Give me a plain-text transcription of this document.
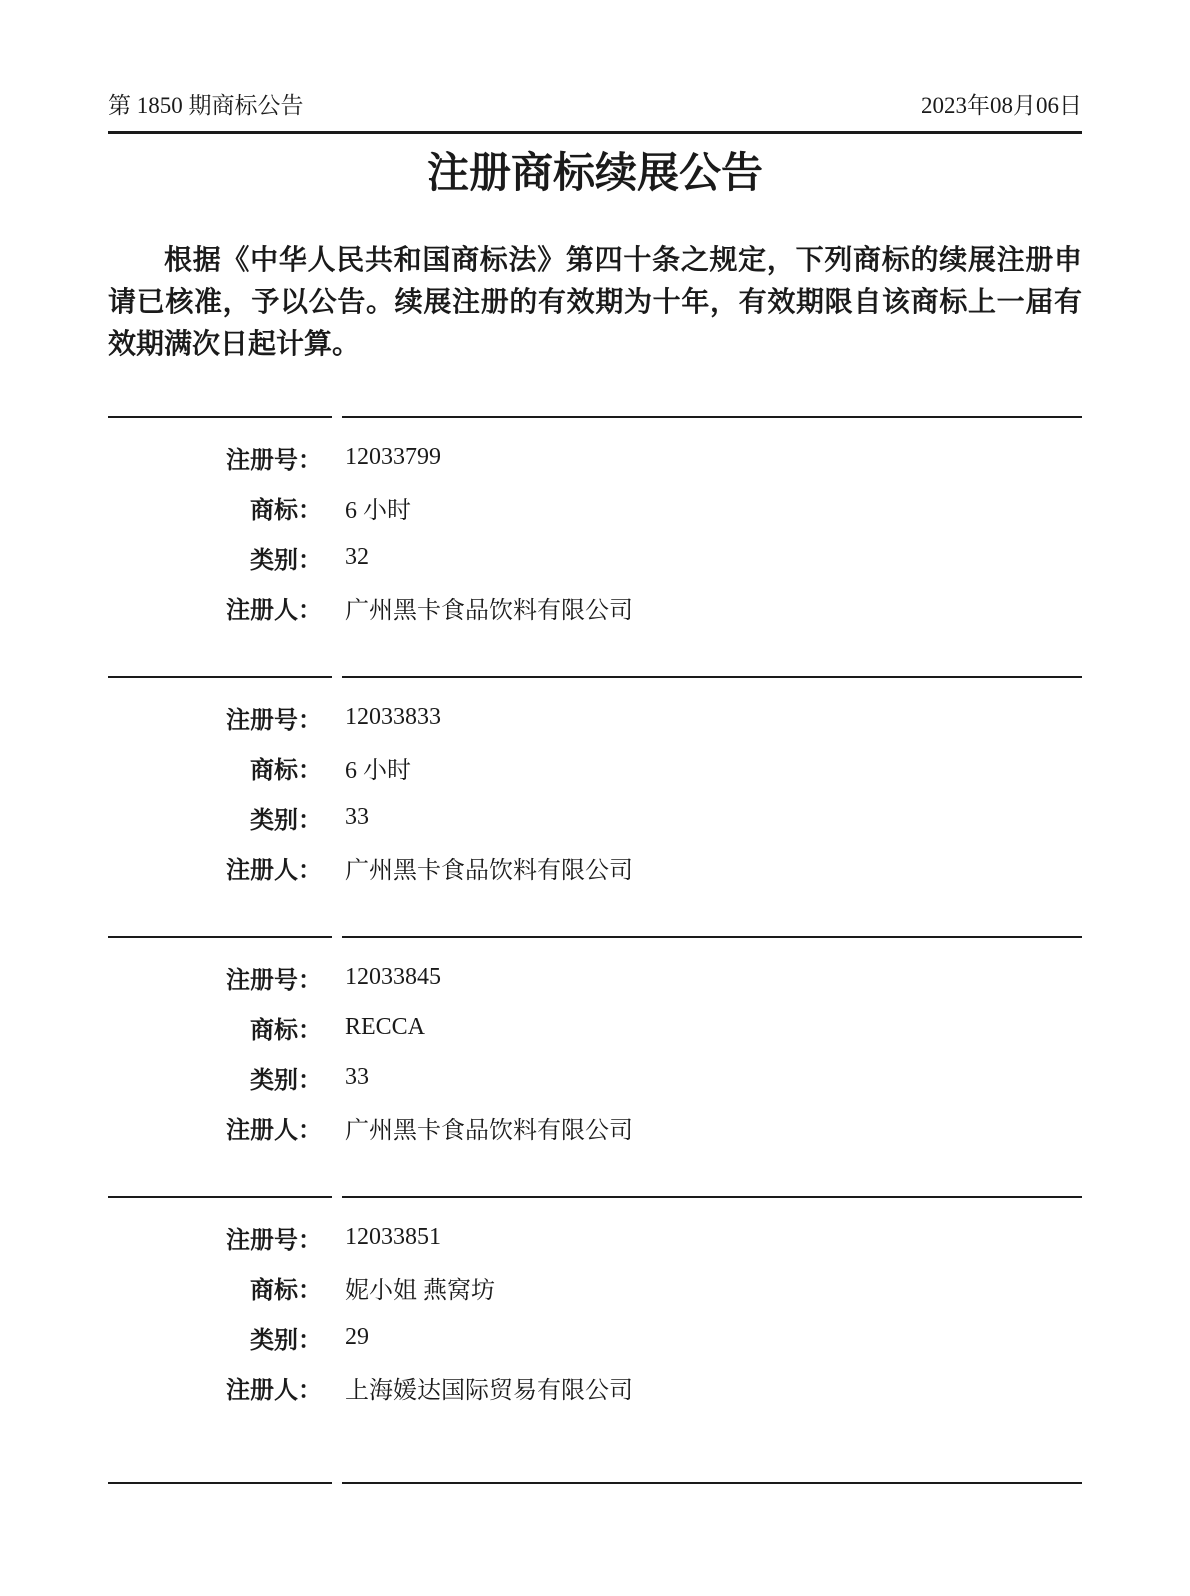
第 1850 期商标公告	2023年08月06日
注册商标续展公告

根据《中华人民共和国商标法》第四十条之规定，下列商标的续展注册申请已核准，予以公告。续展注册的有效期为十年，有效期限自该商标上一届有效期满次日起计算。

注册号： 12033799
商标： 6 小时
类别： 32
注册人： 广州黑卡食品饮料有限公司
注册号： 12033833
商标： 6 小时
类别： 33
注册人： 广州黑卡食品饮料有限公司
注册号： 12033845
商标： RECCA
类别： 33
注册人： 广州黑卡食品饮料有限公司
注册号： 12033851
商标： 妮小姐 燕窝坊
类别： 29
注册人： 上海媛达国际贸易有限公司
